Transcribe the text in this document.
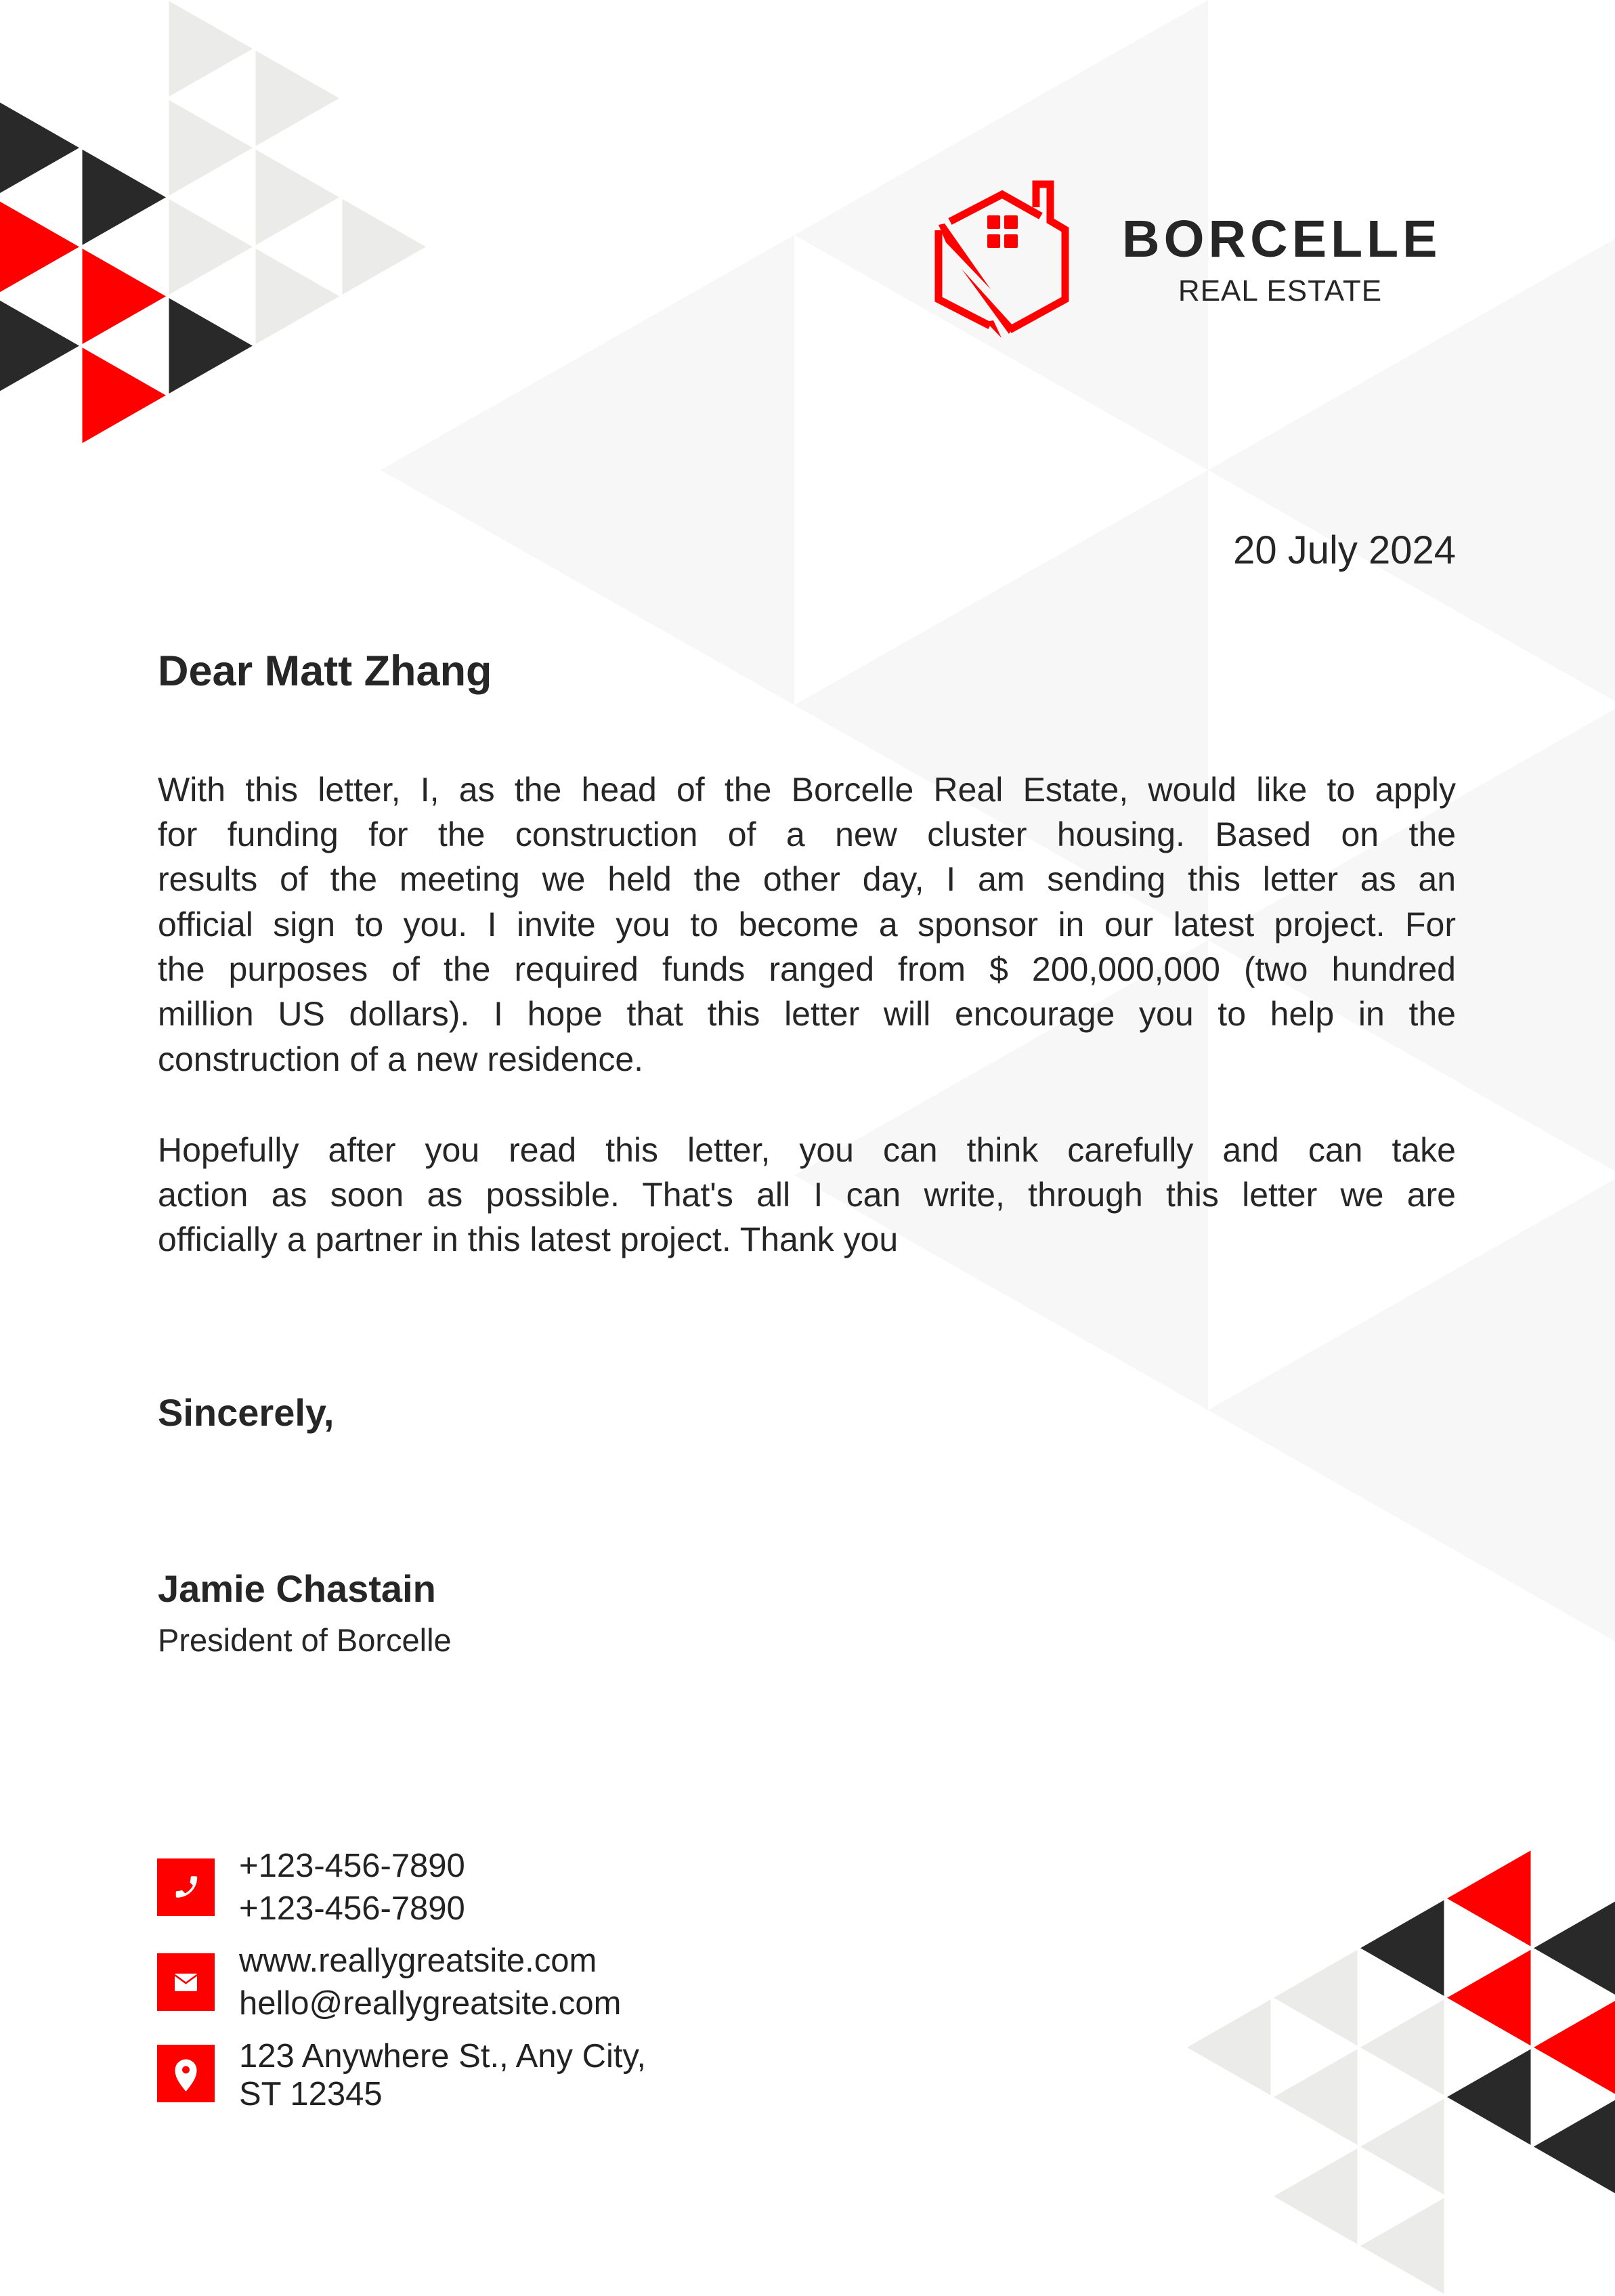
BORCELLE
REAL ESTATE
20 July 2024
Dear Matt Zhang
With this letter, I, as the head of the Borcelle Real Estate, would like to apply
for funding for the construction of a new cluster housing. Based on the
results of the meeting we held the other day, I am sending this letter as an
official sign to you. I invite you to become a sponsor in our latest project. For
the purposes of the required funds ranged from $ 200,000,000 (two hundred
million US dollars). I hope that this letter will encourage you to help in the
construction of a new residence.
Hopefully after you read this letter, you can think carefully and can take
action as soon as possible. That's all I can write, through this letter we are
officially a partner in this latest project. Thank you
Sincerely,
Jamie Chastain
President of Borcelle
+123-456-7890
+123-456-7890
www.reallygreatsite.com
hello@reallygreatsite.com
123 Anywhere St., Any City,
ST 12345
